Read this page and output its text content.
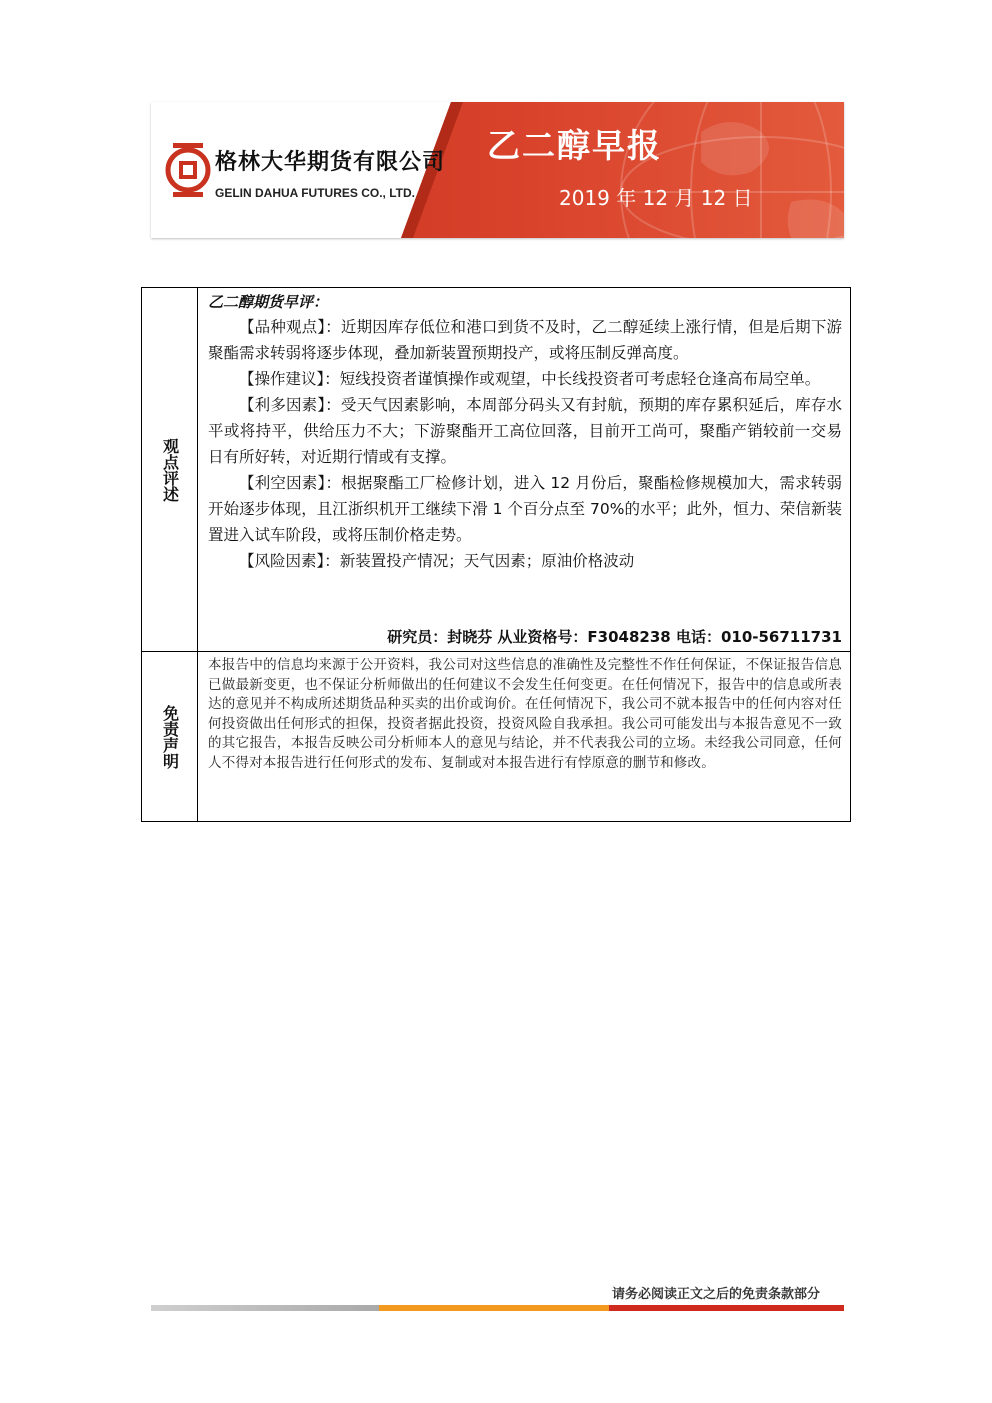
格林大华期货有限公司
GELIN DAHUA FUTURES CO., LTD.
乙二醇早报
2019 年 12 月 12 日
观点评述

乙二醇期货早评：

【品种观点】：近期因库存低位和港口到货不及时，乙二醇延续上涨行情，但是后期下游聚酯需求转弱将逐步体现，叠加新装置预期投产，或将压制反弹高度。

【操作建议】：短线投资者谨慎操作或观望，中长线投资者可考虑轻仓逢高布局空单。

【利多因素】：受天气因素影响，本周部分码头又有封航，预期的库存累积延后，库存水平或将持平，供给压力不大；下游聚酯开工高位回落，目前开工尚可，聚酯产销较前一交易日有所好转，对近期行情或有支撑。

【利空因素】：根据聚酯工厂检修计划，进入 12 月份后，聚酯检修规模加大，需求转弱开始逐步体现，且江浙织机开工继续下滑 1 个百分点至 70%的水平；此外，恒力、荣信新装置进入试车阶段，或将压制价格走势。

【风险因素】：新装置投产情况；天气因素；原油价格波动

研究员：封晓芬 从业资格号：F3048238 电话：010-56711731
免责声明

本报告中的信息均来源于公开资料，我公司对这些信息的准确性及完整性不作任何保证，不保证报告信息已做最新变更，也不保证分析师做出的任何建议不会发生任何变更。在任何情况下，报告中的信息或所表达的意见并不构成所述期货品种买卖的出价或询价。在任何情况下，我公司不就本报告中的任何内容对任何投资做出任何形式的担保，投资者据此投资，投资风险自我承担。我公司可能发出与本报告意见不一致的其它报告，本报告反映公司分析师本人的意见与结论，并不代表我公司的立场。未经我公司同意，任何人不得对本报告进行任何形式的发布、复制或对本报告进行有悖原意的删节和修改。

请务必阅读正文之后的免责条款部分
